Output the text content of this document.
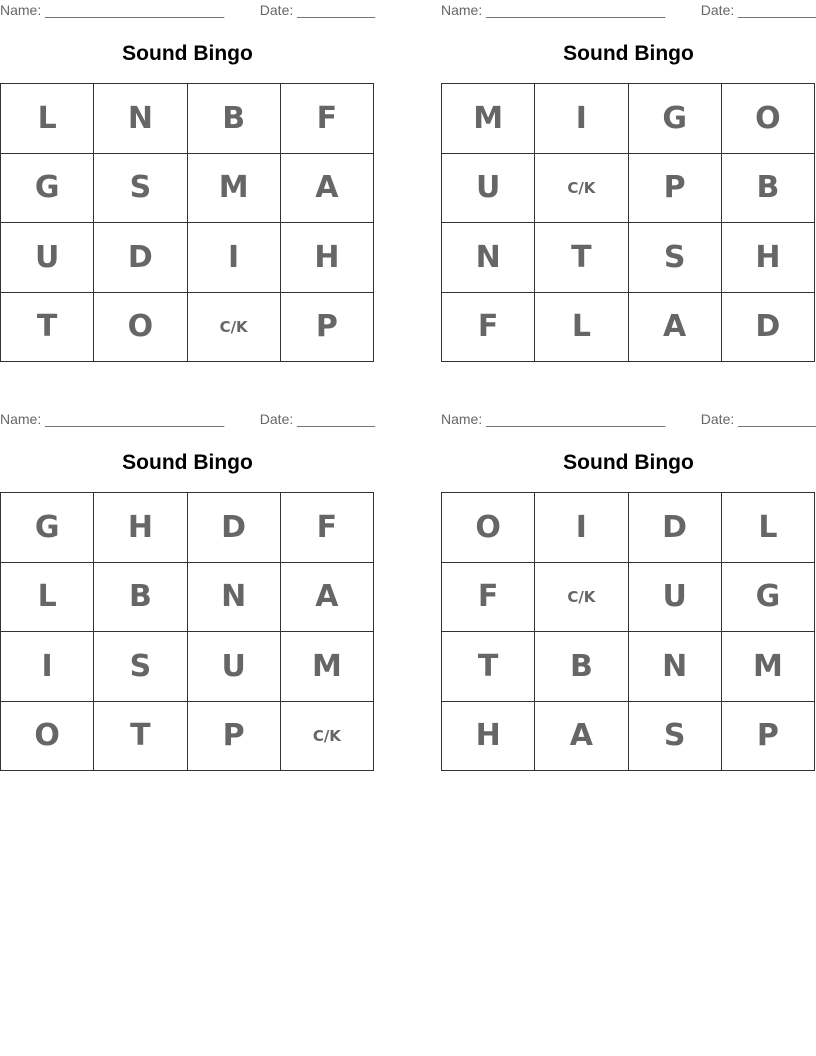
Name: _______________________	Date: __________
Sound Bingo
L	N	B	F
G	S	M	A
U	D	I	H
T	O	C/K	P
Name: _______________________	Date: __________
Sound Bingo
M	I	G	O
U	C/K	P	B
N	T	S	H
F	L	A	D
Name: _______________________	Date: __________
Sound Bingo
G	H	D	F
L	B	N	A
I	S	U	M
O	T	P	C/K
Name: _______________________	Date: __________
Sound Bingo
O	I	D	L
F	C/K	U	G
T	B	N	M
H	A	S	P
